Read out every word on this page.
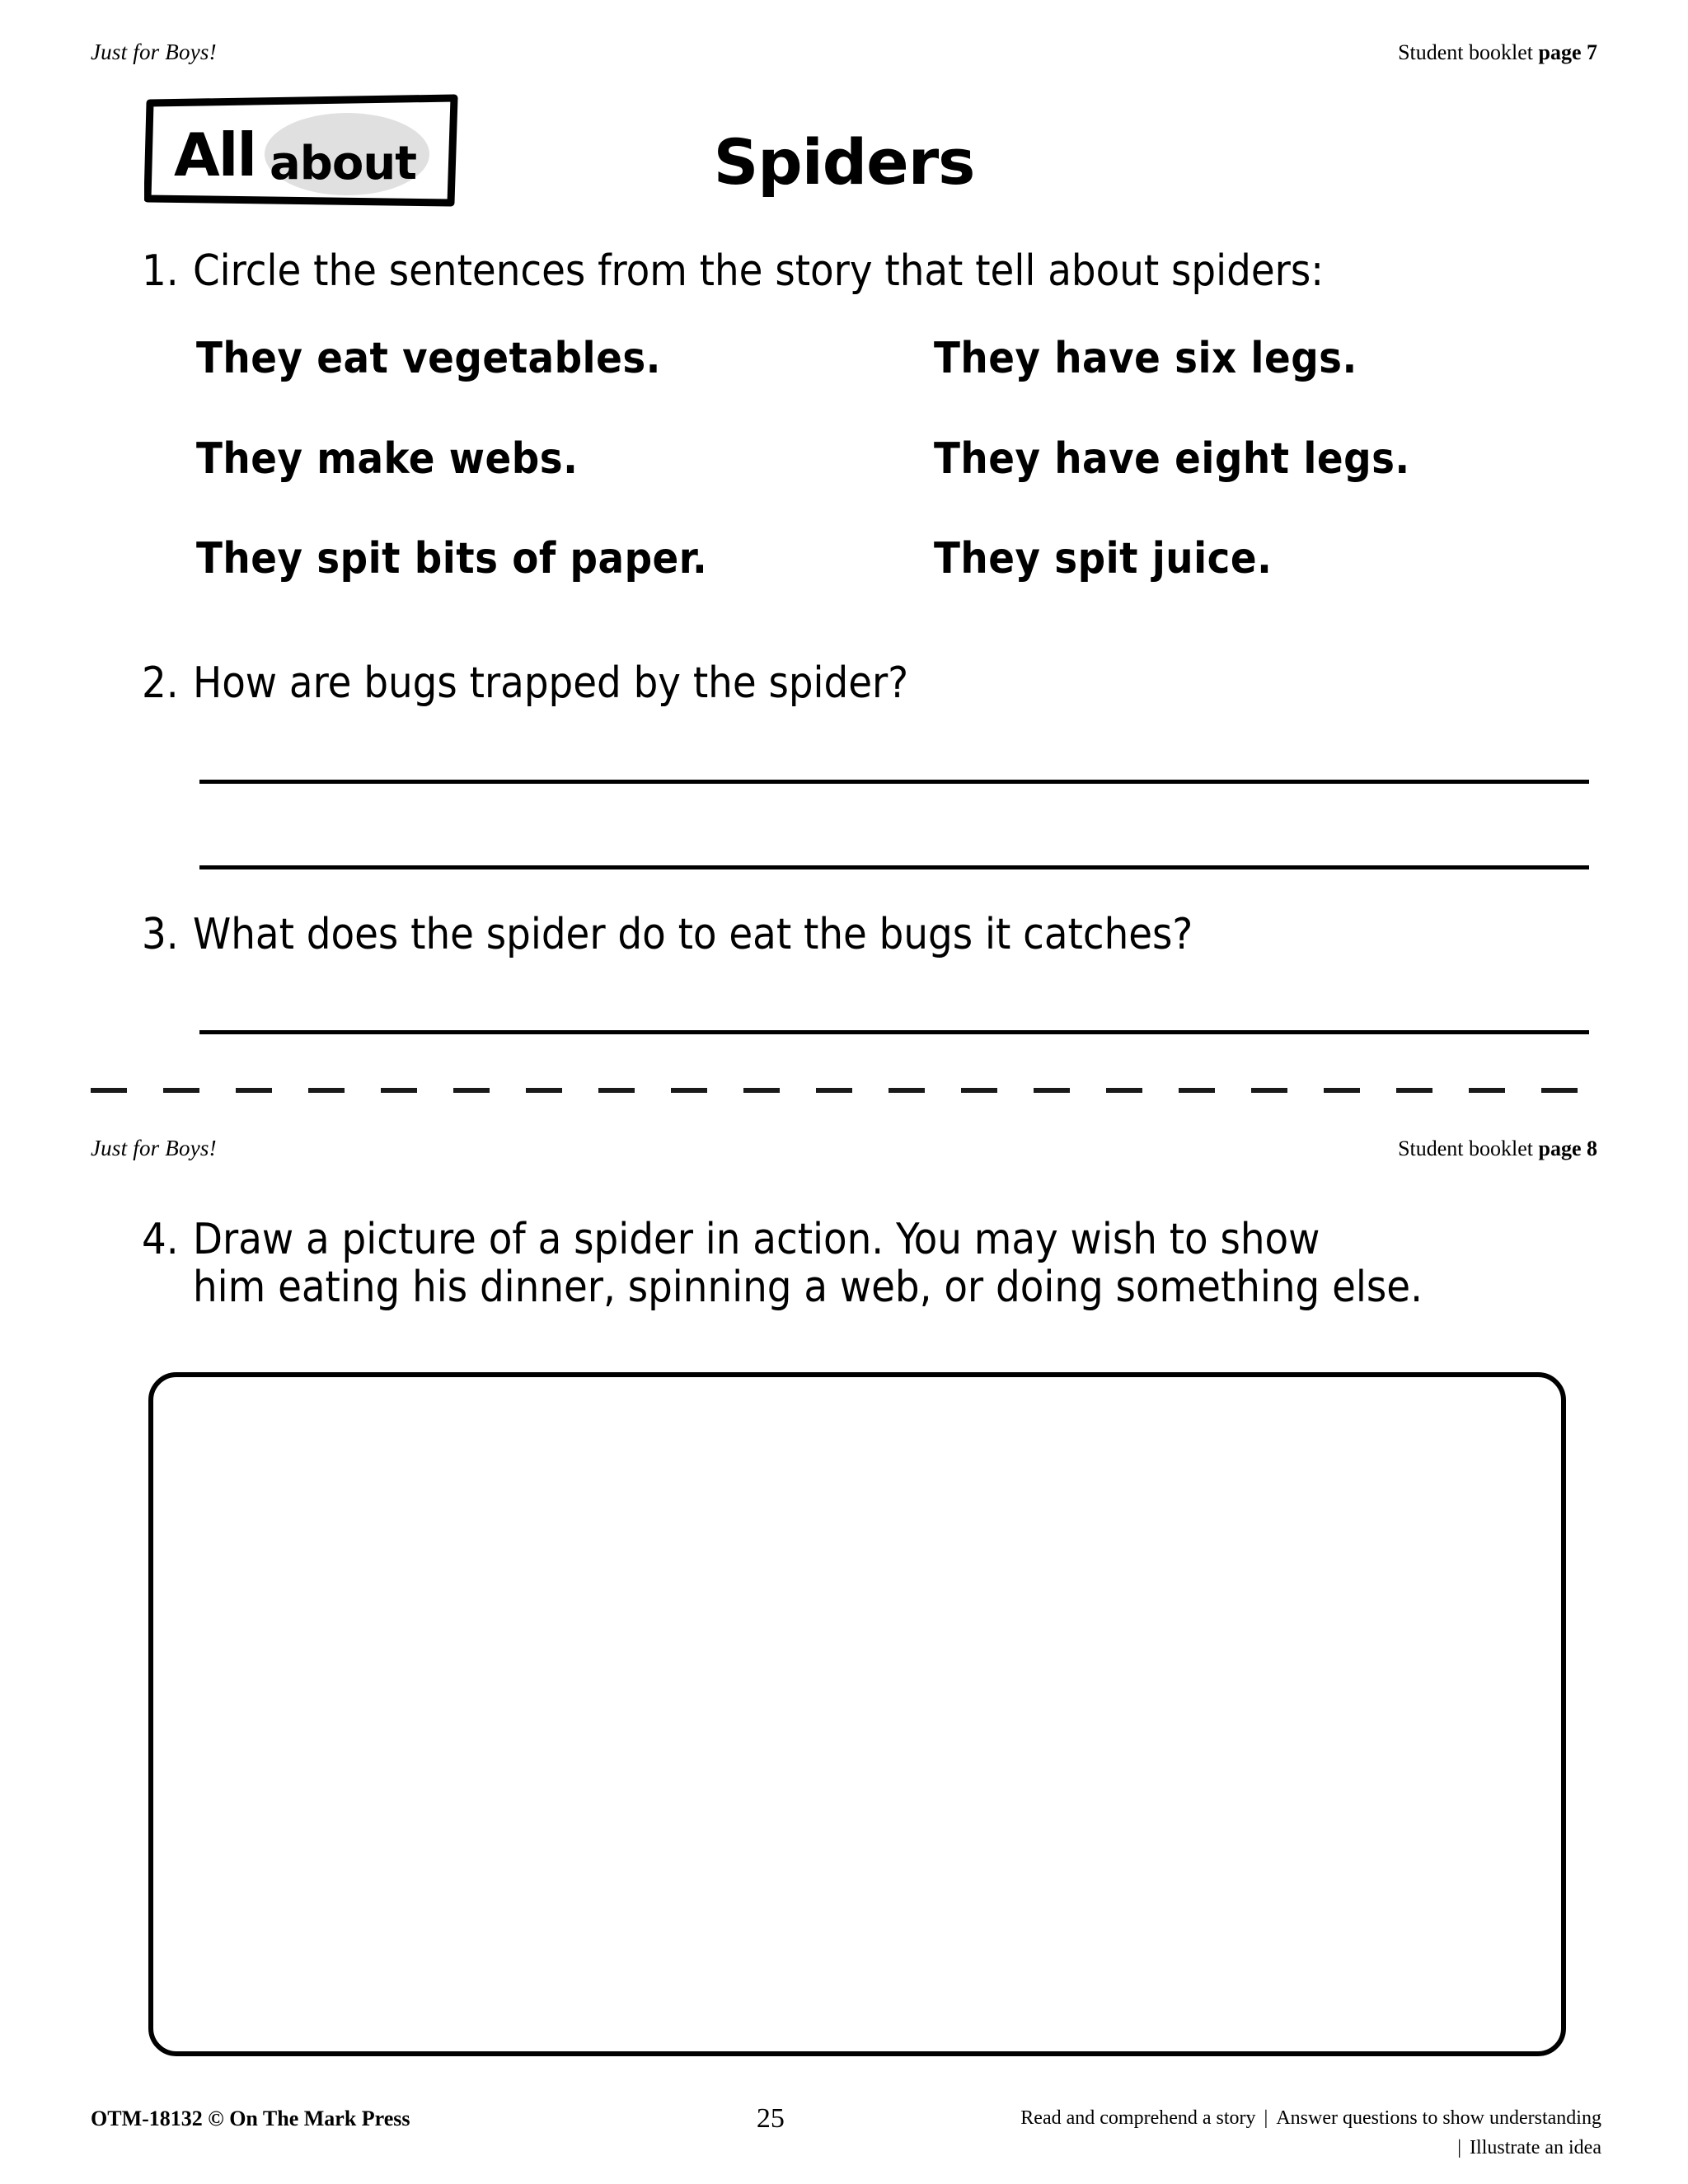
Just for Boys!	Student booklet page 7
All about	Spiders
1. Circle the sentences from the story that tell about spiders:
They eat vegetables.
They make webs.
They spit bits of paper.
They have six legs.
They have eight legs.
They spit juice.
2. How are bugs trapped by the spider?
3. What does the spider do to eat the bugs it catches?
Just for Boys!	Student booklet page 8
4. Draw a picture of a spider in action. You may wish to show
him eating his dinner, spinning a web, or doing something else.
OTM-18132 © On The Mark Press	25	Read and comprehend a story | Answer questions to show understanding
| Illustrate an idea
